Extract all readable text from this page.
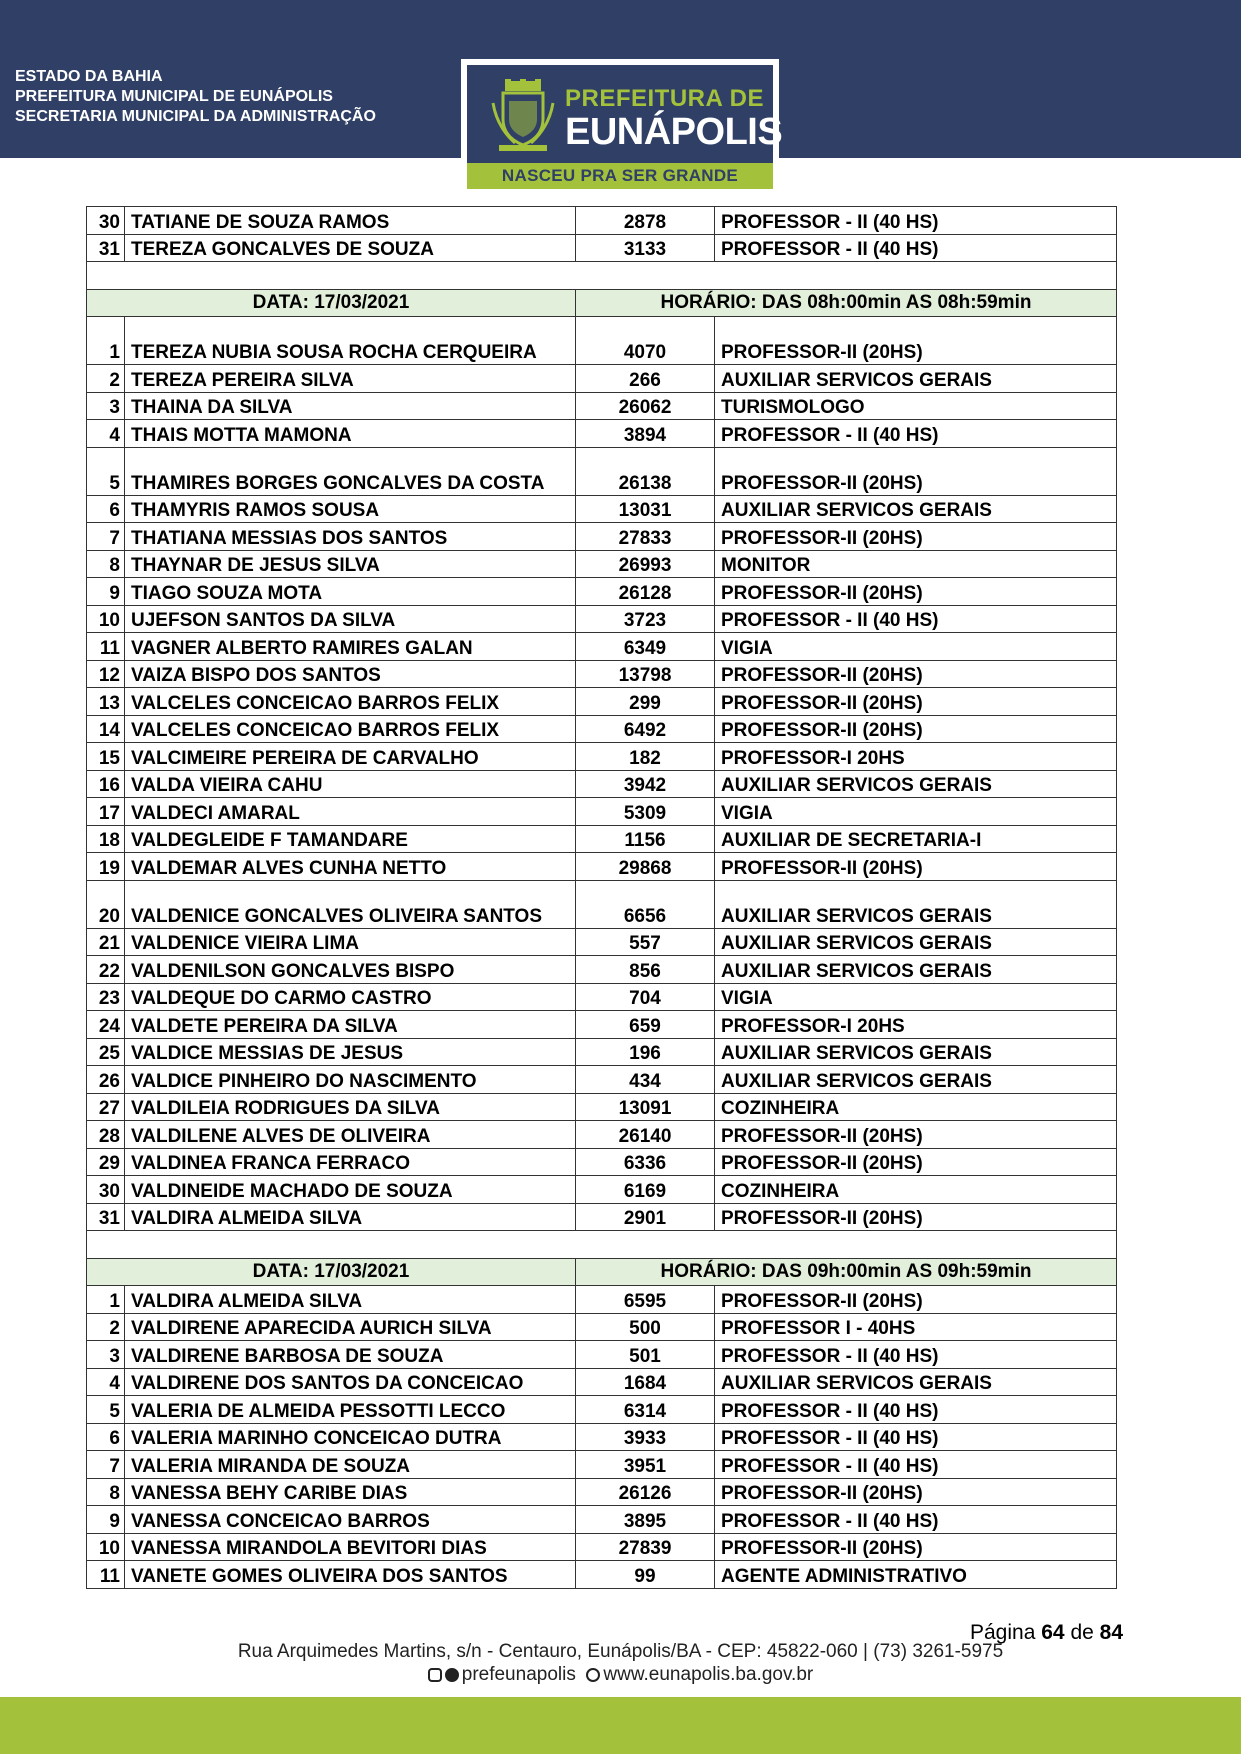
ESTADO DA BAHIA
PREFEITURA MUNICIPAL DE EUNÁPOLIS
SECRETARIA MUNICIPAL DA ADMINISTRAÇÃO
PREFEITURA DE
EUNÁPOLIS
NASCEU PRA SER GRANDE
30	TATIANE DE SOUZA RAMOS	2878	PROFESSOR - II (40 HS)
31	TEREZA GONCALVES DE SOUZA	3133	PROFESSOR - II (40 HS)

DATA: 17/03/2021		HORÁRIO: DAS 08h:00min AS 08h:59min	
1	TEREZA NUBIA SOUSA ROCHA CERQUEIRA	4070	PROFESSOR-II (20HS)
2	TEREZA PEREIRA SILVA	266	AUXILIAR SERVICOS GERAIS
3	THAINA DA SILVA	26062	TURISMOLOGO
4	THAIS MOTTA MAMONA	3894	PROFESSOR - II (40 HS)
5	THAMIRES BORGES GONCALVES DA COSTA	26138	PROFESSOR-II (20HS)
6	THAMYRIS RAMOS SOUSA	13031	AUXILIAR SERVICOS GERAIS
7	THATIANA MESSIAS DOS SANTOS	27833	PROFESSOR-II (20HS)
8	THAYNAR DE JESUS SILVA	26993	MONITOR
9	TIAGO SOUZA MOTA	26128	PROFESSOR-II (20HS)
10	UJEFSON SANTOS DA SILVA	3723	PROFESSOR - II (40 HS)
11	VAGNER ALBERTO RAMIRES GALAN	6349	VIGIA
12	VAIZA BISPO DOS SANTOS	13798	PROFESSOR-II (20HS)
13	VALCELES CONCEICAO BARROS FELIX	299	PROFESSOR-II (20HS)
14	VALCELES CONCEICAO BARROS FELIX	6492	PROFESSOR-II (20HS)
15	VALCIMEIRE PEREIRA DE CARVALHO	182	PROFESSOR-I 20HS
16	VALDA VIEIRA CAHU	3942	AUXILIAR SERVICOS GERAIS
17	VALDECI AMARAL	5309	VIGIA
18	VALDEGLEIDE F TAMANDARE	1156	AUXILIAR DE SECRETARIA-I
19	VALDEMAR ALVES CUNHA NETTO	29868	PROFESSOR-II (20HS)
20	VALDENICE GONCALVES OLIVEIRA SANTOS	6656	AUXILIAR SERVICOS GERAIS
21	VALDENICE VIEIRA LIMA	557	AUXILIAR SERVICOS GERAIS
22	VALDENILSON GONCALVES BISPO	856	AUXILIAR SERVICOS GERAIS
23	VALDEQUE DO CARMO CASTRO	704	VIGIA
24	VALDETE PEREIRA DA SILVA	659	PROFESSOR-I 20HS
25	VALDICE MESSIAS DE JESUS	196	AUXILIAR SERVICOS GERAIS
26	VALDICE PINHEIRO DO NASCIMENTO	434	AUXILIAR SERVICOS GERAIS
27	VALDILEIA RODRIGUES DA SILVA	13091	COZINHEIRA
28	VALDILENE ALVES DE OLIVEIRA	26140	PROFESSOR-II (20HS)
29	VALDINEA FRANCA FERRACO	6336	PROFESSOR-II (20HS)
30	VALDINEIDE MACHADO DE SOUZA	6169	COZINHEIRA
31	VALDIRA ALMEIDA SILVA	2901	PROFESSOR-II (20HS)

DATA: 17/03/2021		HORÁRIO: DAS 09h:00min AS 09h:59min	
1	VALDIRA ALMEIDA SILVA	6595	PROFESSOR-II (20HS)
2	VALDIRENE APARECIDA AURICH SILVA	500	PROFESSOR I - 40HS
3	VALDIRENE BARBOSA DE SOUZA	501	PROFESSOR - II (40 HS)
4	VALDIRENE DOS SANTOS DA CONCEICAO	1684	AUXILIAR SERVICOS GERAIS
5	VALERIA DE ALMEIDA PESSOTTI LECCO	6314	PROFESSOR - II (40 HS)
6	VALERIA MARINHO CONCEICAO DUTRA	3933	PROFESSOR - II (40 HS)
7	VALERIA MIRANDA DE SOUZA	3951	PROFESSOR - II (40 HS)
8	VANESSA BEHY CARIBE DIAS	26126	PROFESSOR-II (20HS)
9	VANESSA CONCEICAO BARROS	3895	PROFESSOR - II (40 HS)
10	VANESSA MIRANDOLA BEVITORI DIAS	27839	PROFESSOR-II (20HS)
11	VANETE GOMES OLIVEIRA DOS SANTOS	99	AGENTE ADMINISTRATIVO
Página 64 de 84
Rua Arquimedes Martins, s/n - Centauro, Eunápolis/BA - CEP: 45822-060 | (73) 3261-5975
prefeunapolis www.eunapolis.ba.gov.br
